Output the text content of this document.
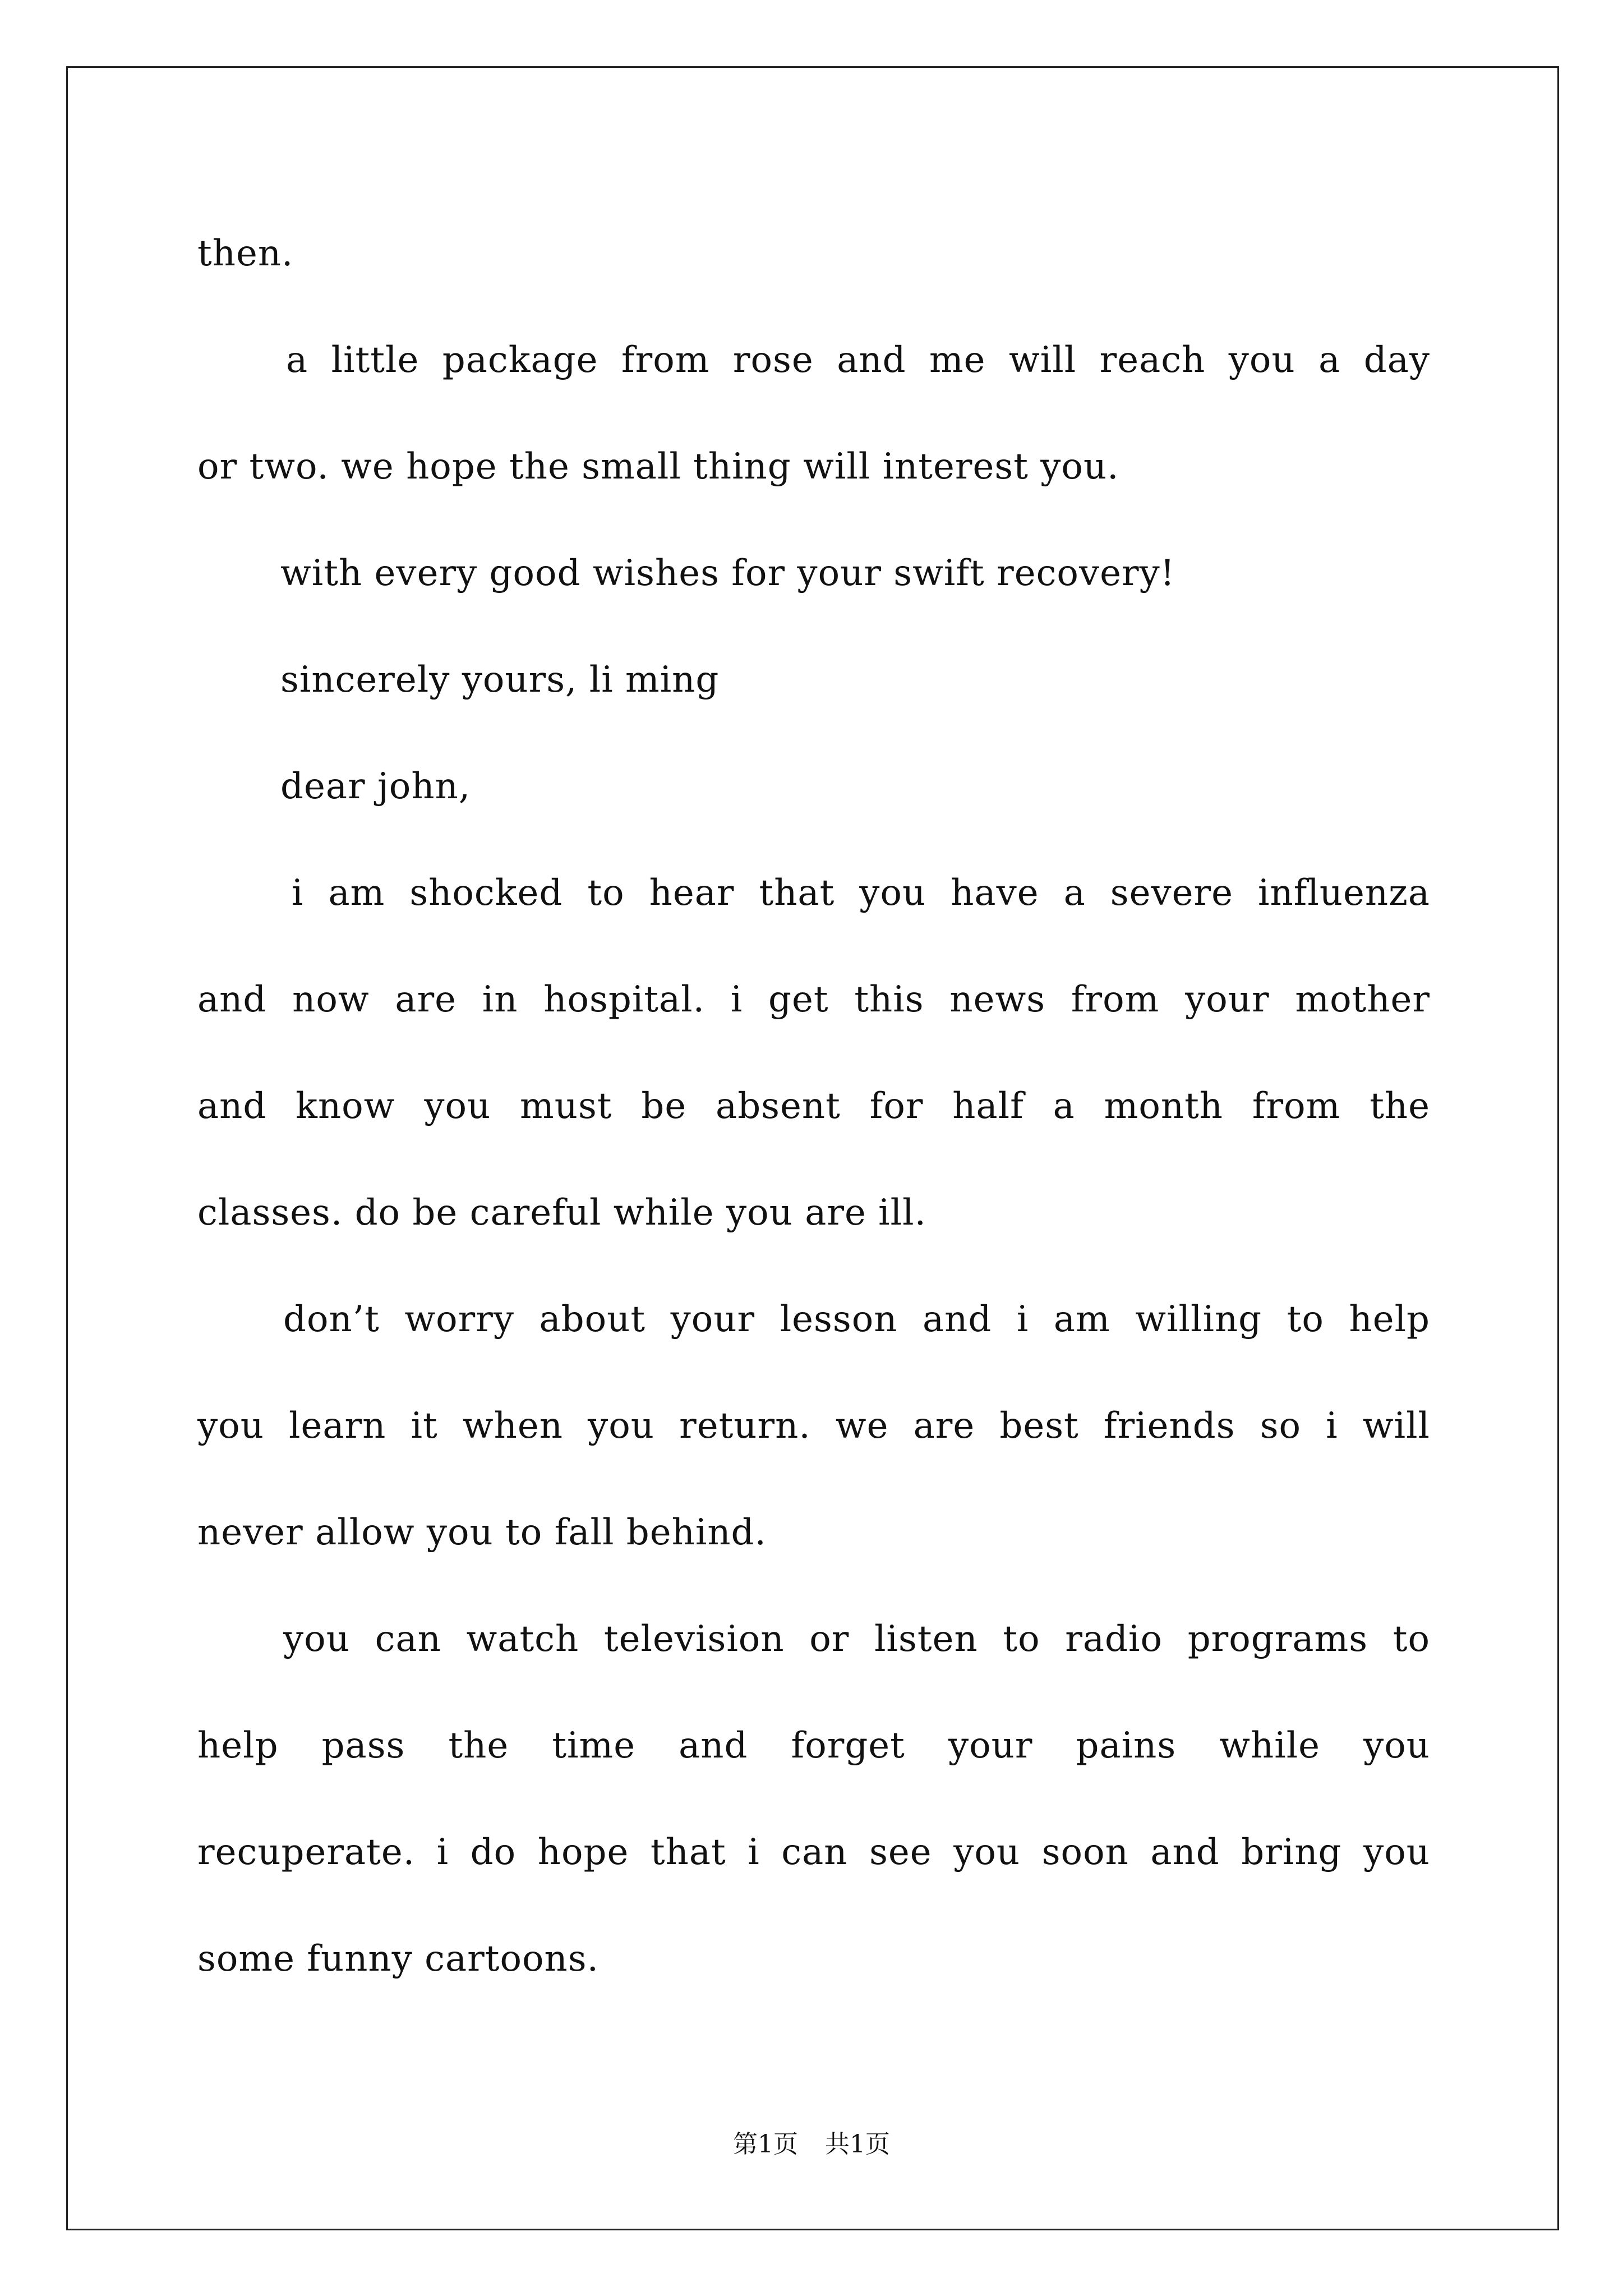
then.
a little package from rose and me will reach you a day
or two. we hope the small thing will interest you.
with every good wishes for your swift recovery!
sincerely yours, li ming
dear john,
i am shocked to hear that you have a severe influenza
and now are in hospital. i get this news from your mother
and know you must be absent for half a month from the
classes. do be careful while you are ill.
don’t worry about your lesson and i am willing to help
you learn it when you return. we are best friends so i will
never allow you to fall behind.
you can watch television or listen to radio programs to
help pass the time and forget your pains while you
recuperate. i do hope that i can see you soon and bring you
some funny cartoons.
第1页 共1页
